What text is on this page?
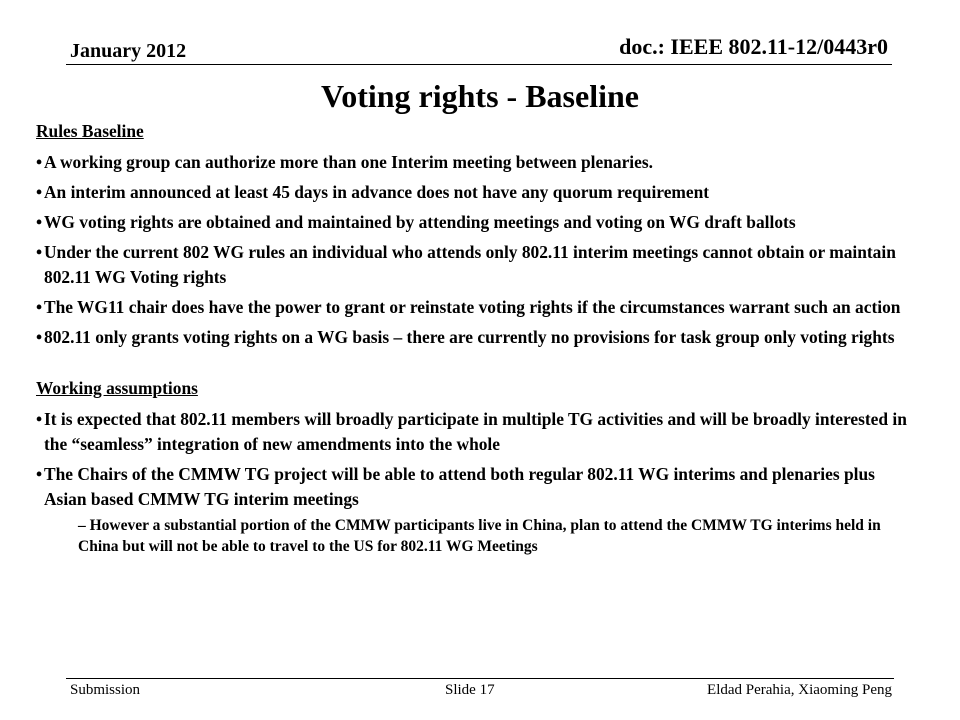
January 2012	doc.: IEEE 802.11-12/0443r0
Voting rights - Baseline
Rules Baseline
• A working group can authorize more than one Interim meeting between plenaries.
• An interim announced at least 45 days in advance does not have any quorum requirement
• WG voting rights are obtained and maintained by attending meetings and voting on WG draft ballots
• Under the current 802 WG rules an individual who attends only 802.11 interim meetings cannot obtain or maintain 802.11 WG Voting rights
• The WG11 chair does have the power to grant or reinstate voting rights if the circumstances warrant such an action
• 802.11 only grants voting rights on a WG basis – there are currently no provisions for task group only voting rights
Working assumptions
• It is expected that 802.11 members will broadly participate in multiple TG activities and will be broadly interested in the “seamless” integration of new amendments into the whole
• The Chairs of the CMMW TG project will be able to attend both regular 802.11 WG interims and plenaries plus Asian based CMMW TG interim meetings
– However a substantial portion of the CMMW participants live in China, plan to attend the CMMW TG interims held in China but will not be able to travel to the US for 802.11 WG Meetings
Submission	Slide 17	Eldad Perahia, Xiaoming Peng
